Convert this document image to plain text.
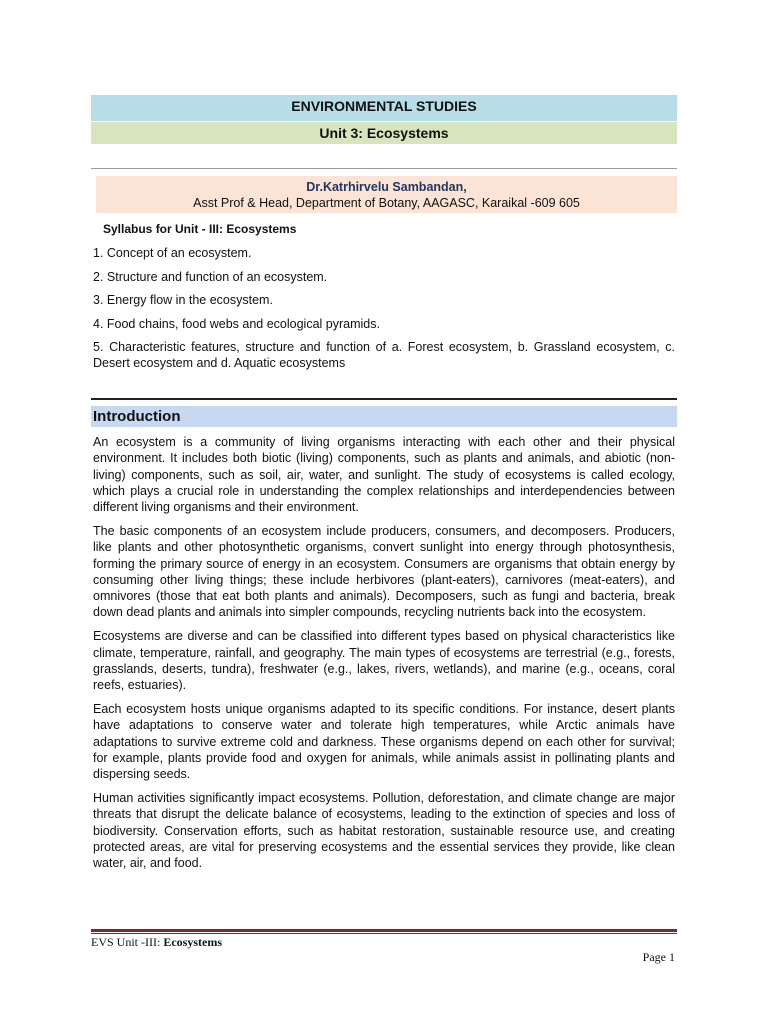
ENVIRONMENTAL STUDIES
Unit 3: Ecosystems
Dr.Katrhirvelu Sambandan,
Asst Prof & Head, Department of Botany, AAGASC, Karaikal -609 605
Syllabus for Unit - III: Ecosystems
1. Concept of an ecosystem.
2. Structure and function of an ecosystem.
3. Energy flow in the ecosystem.
4. Food chains, food webs and ecological pyramids.
5. Characteristic features, structure and function of a. Forest ecosystem, b. Grassland ecosystem, c. Desert ecosystem and d. Aquatic ecosystems
Introduction

An ecosystem is a community of living organisms interacting with each other and their physical environment. It includes both biotic (living) components, such as plants and animals, and abiotic (non-living) components, such as soil, air, water, and sunlight. The study of ecosystems is called ecology, which plays a crucial role in understanding the complex relationships and interdependencies between different living organisms and their environment.

The basic components of an ecosystem include producers, consumers, and decomposers. Producers, like plants and other photosynthetic organisms, convert sunlight into energy through photosynthesis, forming the primary source of energy in an ecosystem. Consumers are organisms that obtain energy by consuming other living things; these include herbivores (plant-eaters), carnivores (meat-eaters), and omnivores (those that eat both plants and animals). Decomposers, such as fungi and bacteria, break down dead plants and animals into simpler compounds, recycling nutrients back into the ecosystem.

Ecosystems are diverse and can be classified into different types based on physical characteristics like climate, temperature, rainfall, and geography. The main types of ecosystems are terrestrial (e.g., forests, grasslands, deserts, tundra), freshwater (e.g., lakes, rivers, wetlands), and marine (e.g., oceans, coral reefs, estuaries).

Each ecosystem hosts unique organisms adapted to its specific conditions. For instance, desert plants have adaptations to conserve water and tolerate high temperatures, while Arctic animals have adaptations to survive extreme cold and darkness. These organisms depend on each other for survival; for example, plants provide food and oxygen for animals, while animals assist in pollinating plants and dispersing seeds.

Human activities significantly impact ecosystems. Pollution, deforestation, and climate change are major threats that disrupt the delicate balance of ecosystems, leading to the extinction of species and loss of biodiversity. Conservation efforts, such as habitat restoration, sustainable resource use, and creating protected areas, are vital for preserving ecosystems and the essential services they provide, like clean water, air, and food.

EVS Unit -III: Ecosystems
Page 1
